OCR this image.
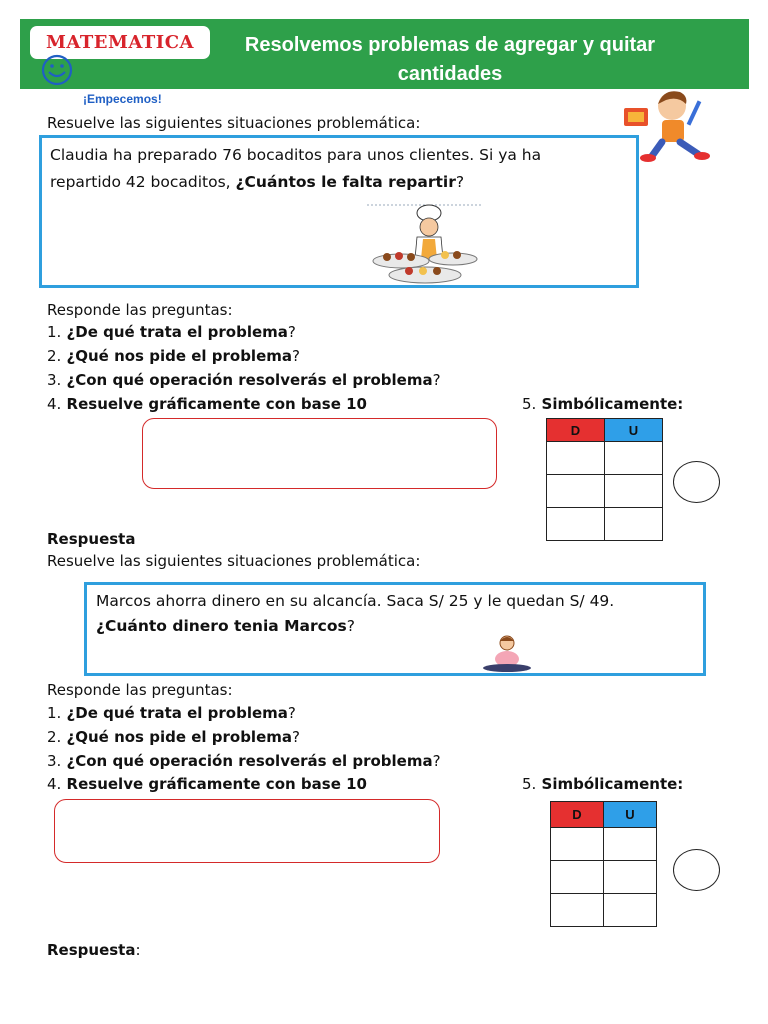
MATEMATICA	Resolvemos problemas de agregar y quitar
cantidades
¡Empecemos!
Resuelve las siguientes situaciones problemática:
Claudia ha preparado 76 bocaditos para unos clientes. Si ya ha
repartido 42 bocaditos, ¿Cuántos le falta repartir?
Responde las preguntas:
1. ¿De qué trata el problema?
2. ¿Qué nos pide el problema?
3. ¿Con qué operación resolverás el problema?
4. Resuelve gráficamente con base 10	5. Simbólicamente:
D	U

Respuesta
Resuelve las siguientes situaciones problemática:
Marcos ahorra dinero en su alcancía. Saca S/ 25 y le quedan S/ 49.
¿Cuánto dinero tenia Marcos?
Responde las preguntas:
1. ¿De qué trata el problema?
2. ¿Qué nos pide el problema?
3. ¿Con qué operación resolverás el problema?
4. Resuelve gráficamente con base 10	5. Simbólicamente:
D	U

Respuesta:
